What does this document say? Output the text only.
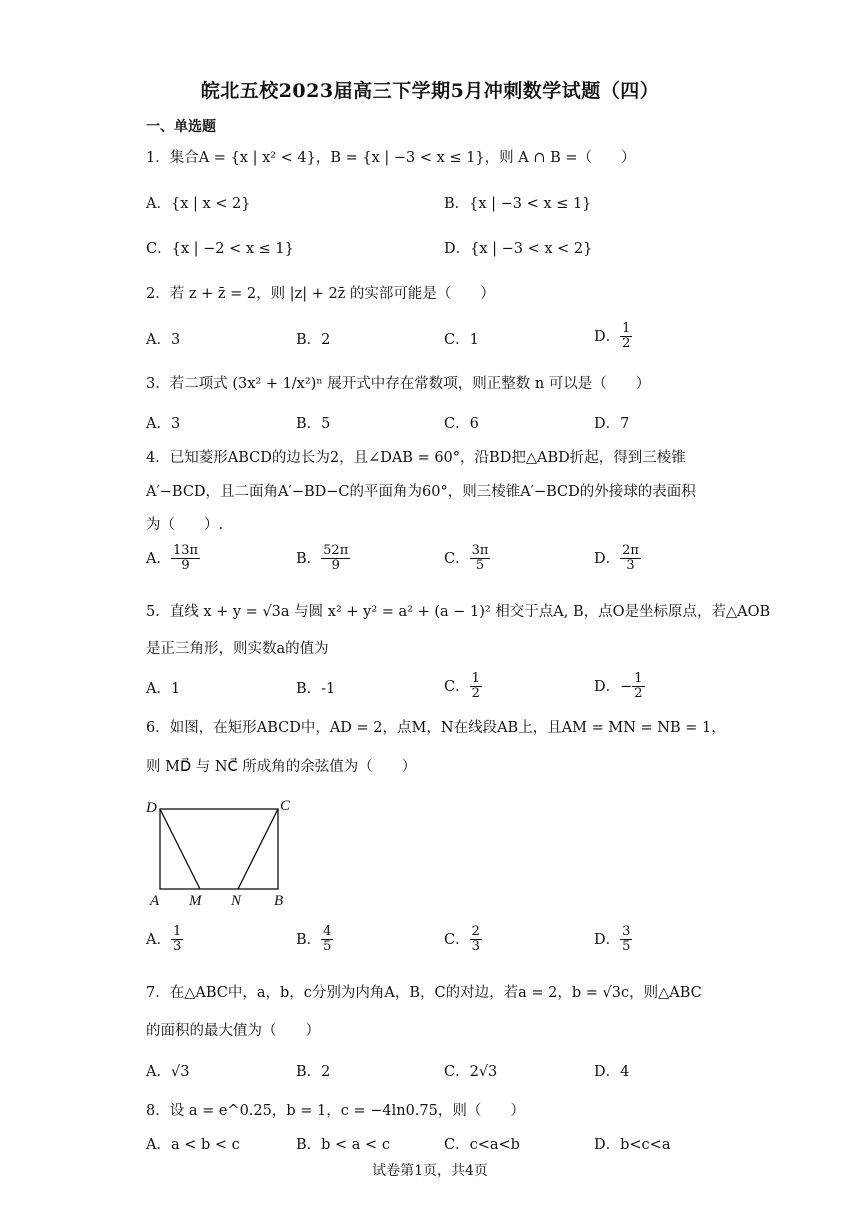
皖北五校2023届高三下学期5月冲刺数学试题（四）
一、单选题
1．集合A = {x | x² < 4}，B = {x | −3 < x ≤ 1}，则 A ∩ B =（　　）
A．{x | x < 2}	B．{x | −3 < x ≤ 1}
C．{x | −2 < x ≤ 1}	D．{x | −3 < x < 2}
2．若 z + z̄ = 2，则 |z| + 2z̄ 的实部可能是（　　）
A．3	B．2	C．1	D． $\frac{1}{2}$
3．若二项式 (3x² + 1/x²)ⁿ 展开式中存在常数项，则正整数 n 可以是（　　）
A．3	B．5	C．6	D．7
4．已知菱形ABCD的边长为2，且∠DAB = 60°，沿BD把△ABD折起，得到三棱锥
A′−BCD，且二面角A′−BD−C的平面角为60°，则三棱锥A′−BCD的外接球的表面积
为（　　）.
A． $\frac{13\pi}{9}$	B． $\frac{52\pi}{9}$	C． $\frac{3\pi}{5}$	D． $\frac{2\pi}{3}$
5．直线 x + y = √3a 与圆 x² + y² = a² + (a − 1)² 相交于点A, B，点O是坐标原点，若△AOB
是正三角形，则实数a的值为
A．1	B．-1	C． $\frac{1}{2}$	D．− $\frac{1}{2}$
6．如图，在矩形ABCD中，AD = 2，点M，N在线段AB上，且AM = MN = NB = 1，
则 MD⃗ 与 NC⃗ 所成角的余弦值为（　　）
D	C
A M N B
A． $\frac{1}{3}$	B． $\frac{4}{5}$	C． $\frac{2}{3}$	D． $\frac{3}{5}$
7．在△ABC中，a，b，c分别为内角A，B，C的对边，若a = 2，b = √3c，则△ABC
的面积的最大值为（　　）
A．√3	B．2	C．2√3	D．4
8．设 a = e^0.25，b = 1，c = −4ln0.75，则（　　）
A．a < b < c	B．b < a < c	C．c<a<b	D．b<c<a
试卷第1页，共4页
